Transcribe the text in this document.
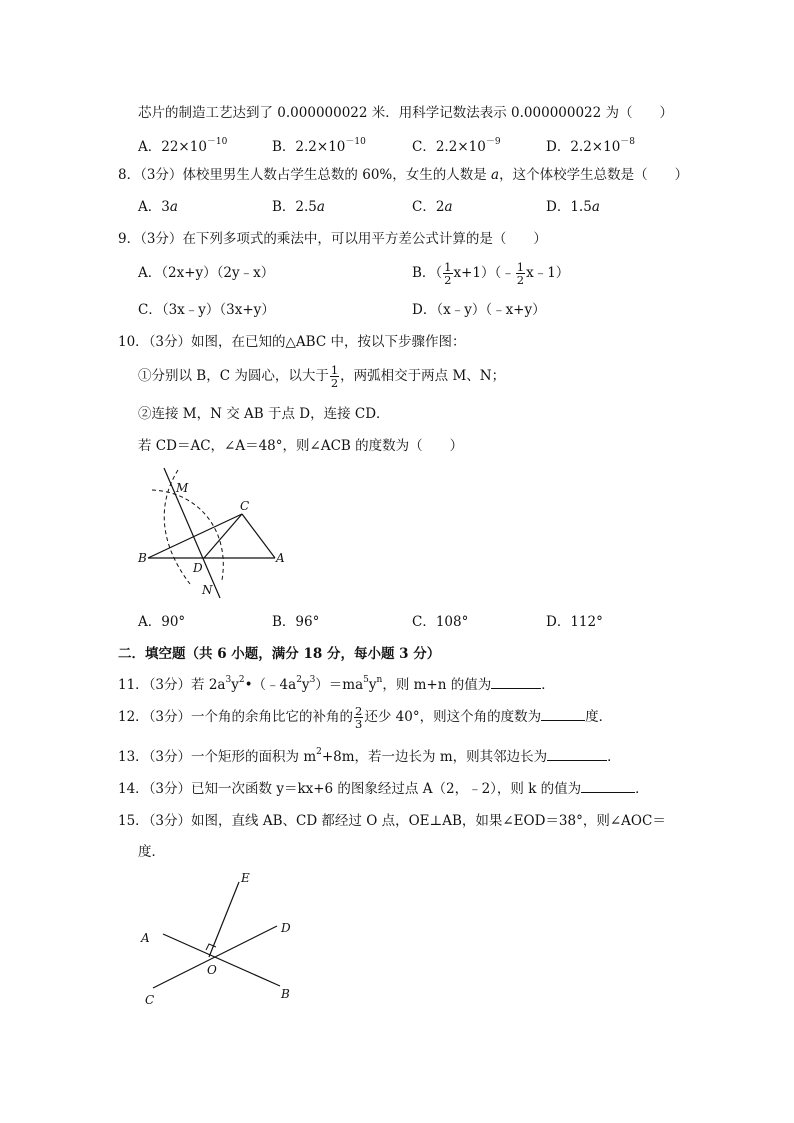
芯片的制造工艺达到了 0.000000022 米．用科学记数法表示 0.000000022 为（　　）
A．$22\times 10^{-10}$	B．$2.2\times 10^{-10}$	C．$2.2\times 10^{-9}$	D．$2.2\times 10^{-8}$
8．（3分）体校里男生人数占学生总数的 60%，女生的人数是 a，这个体校学生总数是（　　）
A．3a	B．2.5a	C．2a	D．1.5a
9．（3分）在下列多项式的乘法中，可以用平方差公式计算的是（　　）
A．（2x+y）（2y﹣x）	B．（ $\frac{1}{2}$ x+1）（﹣ $\frac{1}{2}$ x﹣1）
C．（3x﹣y）（3x+y）	D．（x﹣y）（﹣x+y）
10．（3分）如图，在已知的△ABC 中，按以下步骤作图：
①分别以 B，C 为圆心，以大于 $\frac{1}{2}$ ，两弧相交于两点 M、N；
②连接 M，N 交 AB 于点 D，连接 CD．
若 CD＝AC，∠A＝48°，则∠ACB 的度数为（　　）
M
C
B
D
A
N
A．90°	B．96°	C．108°	D．112°
二．填空题（共 6 小题，满分 18 分，每小题 3 分）
11．（3分）若 $2a^3y^2•(﹣4a^2y^3)=ma^5y^n$，则 m+n 的值为	．
12．（3分）一个角的余角比它的补角的 $\frac{2}{3}$ 还少 40°，则这个角的度数为	度．
13．（3分）一个矩形的面积为 $m^2+8m$，若一边长为 m，则其邻边长为	．
14．（3分）已知一次函数 y＝kx+6 的图象经过点 A（2，﹣2），则 k 的值为	．
15．（3分）如图，直线 AB、CD 都经过 O 点，OE⊥AB，如果∠EOD＝38°，则∠AOC＝
度．
E
A
D
O
C	B
